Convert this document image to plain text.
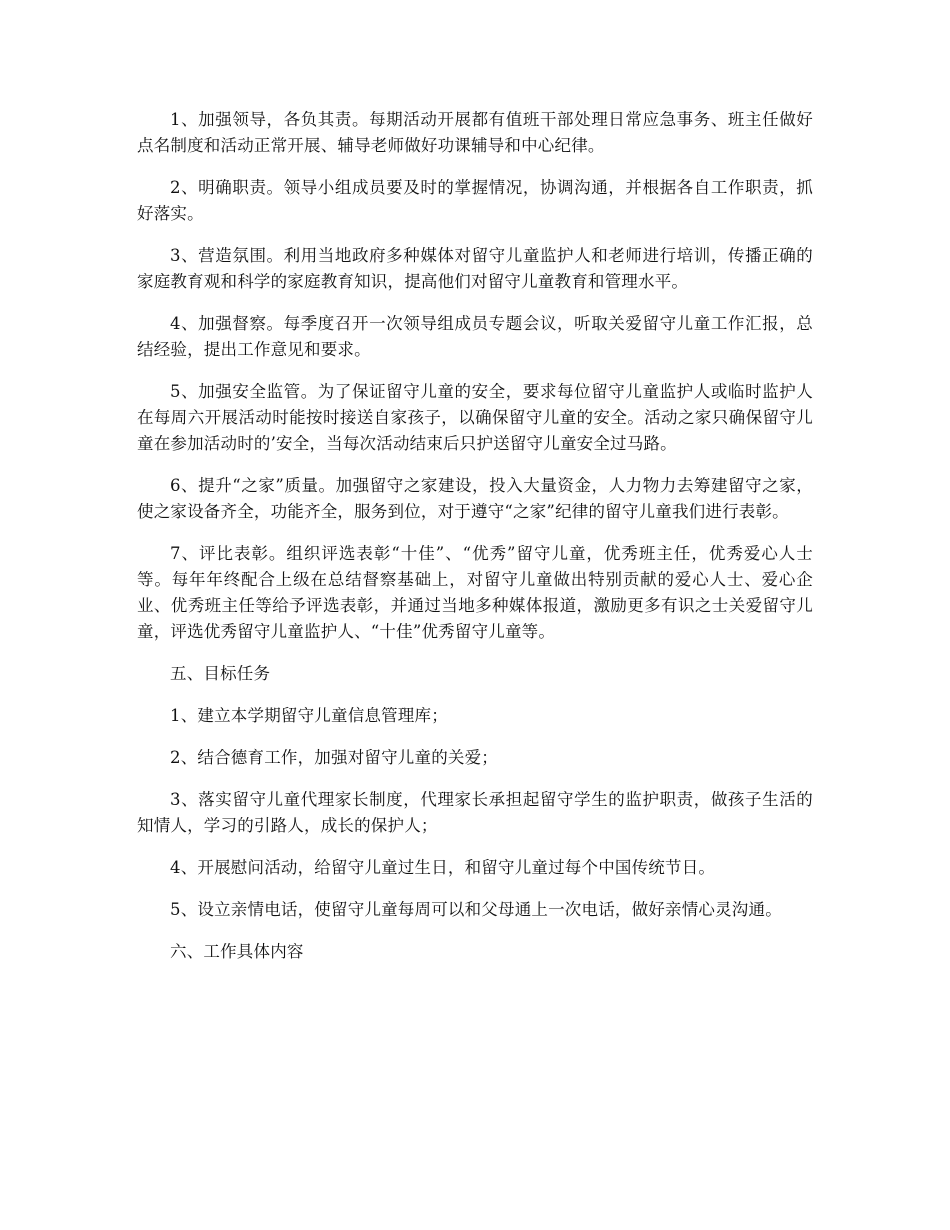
1、加强领导，各负其责。每期活动开展都有值班干部处理日常应急事务、班主任做好点名制度和活动正常开展、辅导老师做好功课辅导和中心纪律。

2、明确职责。领导小组成员要及时的掌握情况，协调沟通，并根据各自工作职责，抓好落实。

3、营造氛围。利用当地政府多种媒体对留守儿童监护人和老师进行培训，传播正确的家庭教育观和科学的家庭教育知识，提高他们对留守儿童教育和管理水平。

4、加强督察。每季度召开一次领导组成员专题会议，听取关爱留守儿童工作汇报，总结经验，提出工作意见和要求。

5、加强安全监管。为了保证留守儿童的安全，要求每位留守儿童监护人或临时监护人在每周六开展活动时能按时接送自家孩子，以确保留守儿童的安全。活动之家只确保留守儿童在参加活动时的’安全，当每次活动结束后只护送留守儿童安全过马路。

6、提升“之家”质量。加强留守之家建设，投入大量资金，人力物力去筹建留守之家，使之家设备齐全，功能齐全，服务到位，对于遵守“之家”纪律的留守儿童我们进行表彰。

7、评比表彰。组织评选表彰“十佳”、“优秀”留守儿童，优秀班主任，优秀爱心人士等。每年年终配合上级在总结督察基础上，对留守儿童做出特别贡献的爱心人士、爱心企业、优秀班主任等给予评选表彰，并通过当地多种媒体报道，激励更多有识之士关爱留守儿童，评选优秀留守儿童监护人、“十佳”优秀留守儿童等。

五、目标任务

1、建立本学期留守儿童信息管理库；

2、结合德育工作，加强对留守儿童的关爱；

3、落实留守儿童代理家长制度，代理家长承担起留守学生的监护职责，做孩子生活的知情人，学习的引路人，成长的保护人；

4、开展慰问活动，给留守儿童过生日，和留守儿童过每个中国传统节日。

5、设立亲情电话，使留守儿童每周可以和父母通上一次电话，做好亲情心灵沟通。

六、工作具体内容
